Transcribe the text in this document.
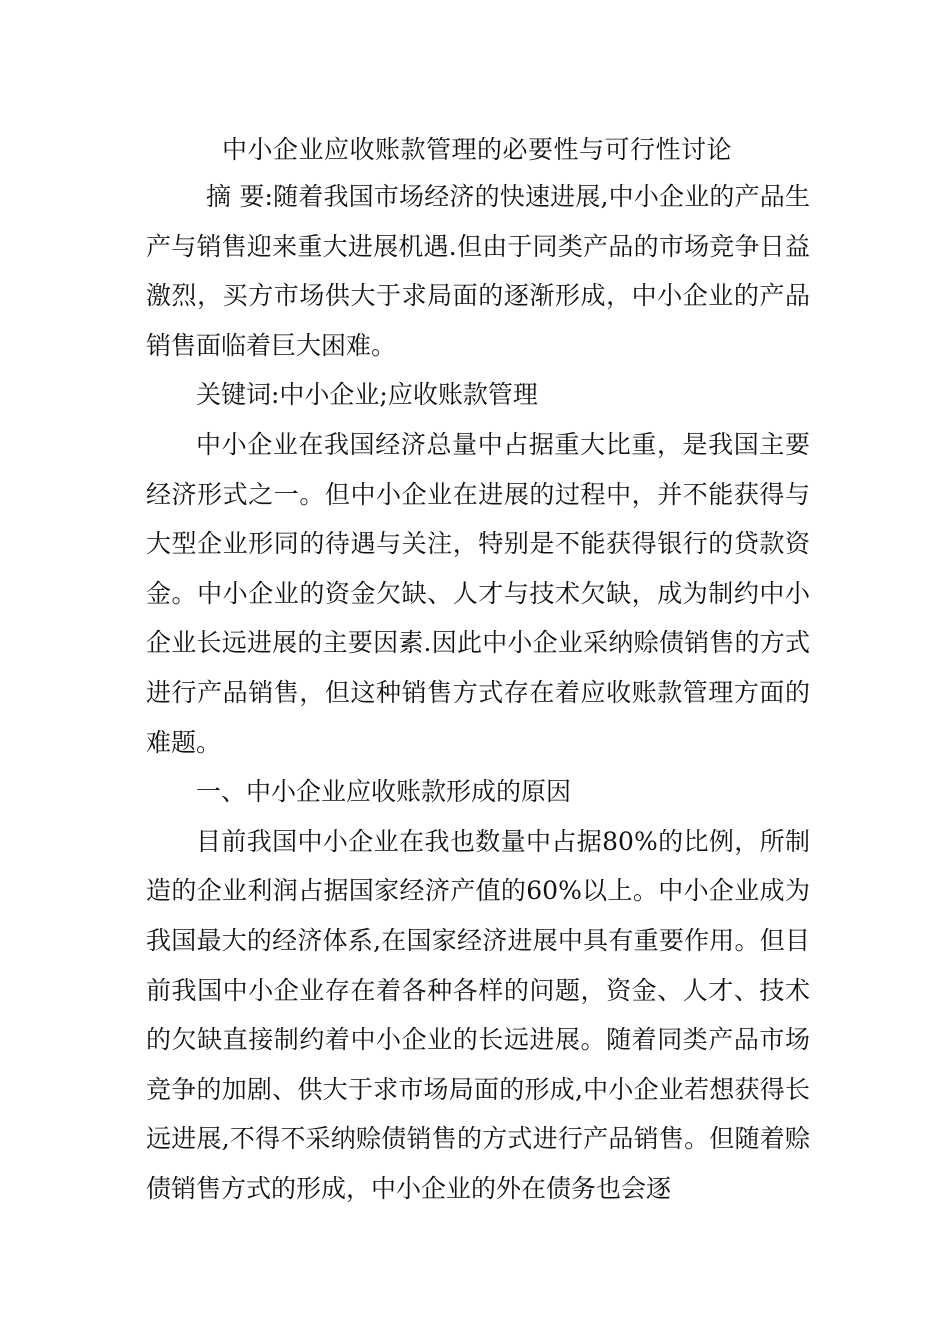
中小企业应收账款管理的必要性与可行性讨论

摘 要:随着我国市场经济的快速进展,中小企业的产品生产与销售迎来重大进展机遇.但由于同类产品的市场竞争日益激烈，买方市场供大于求局面的逐渐形成，中小企业的产品销售面临着巨大困难。

关键词:中小企业;应收账款管理

中小企业在我国经济总量中占据重大比重，是我国主要经济形式之一。但中小企业在进展的过程中，并不能获得与大型企业形同的待遇与关注，特别是不能获得银行的贷款资金。中小企业的资金欠缺、人才与技术欠缺，成为制约中小企业长远进展的主要因素.因此中小企业采纳赊债销售的方式进行产品销售，但这种销售方式存在着应收账款管理方面的难题。

一、中小企业应收账款形成的原因

目前我国中小企业在我也数量中占据80%的比例，所制造的企业利润占据国家经济产值的60%以上。中小企业成为我国最大的经济体系,在国家经济进展中具有重要作用。但目前我国中小企业存在着各种各样的问题，资金、人才、技术的欠缺直接制约着中小企业的长远进展。随着同类产品市场竞争的加剧、供大于求市场局面的形成,中小企业若想获得长远进展,不得不采纳赊债销售的方式进行产品销售。但随着赊债销售方式的形成，中小企业的外在债务也会逐
